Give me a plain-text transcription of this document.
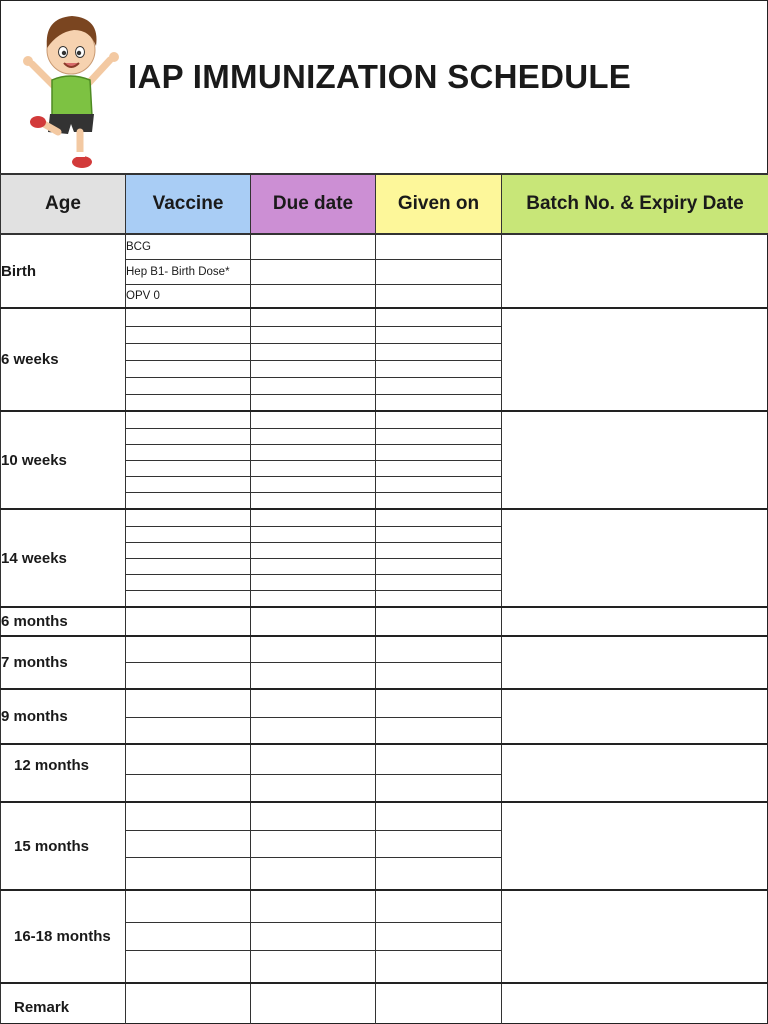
IAP IMMUNIZATION SCHEDULE
Age	Vaccine	Due date	Given on	Batch No. & Expiry Date
Birth	BCG			
	Hep B1- Birth Dose*			
	OPV 0			
6 weeks				

10 weeks				

14 weeks				

6 months				
7 months				

9 months				

12 months				

15 months				

16-18 months				

Remark				
